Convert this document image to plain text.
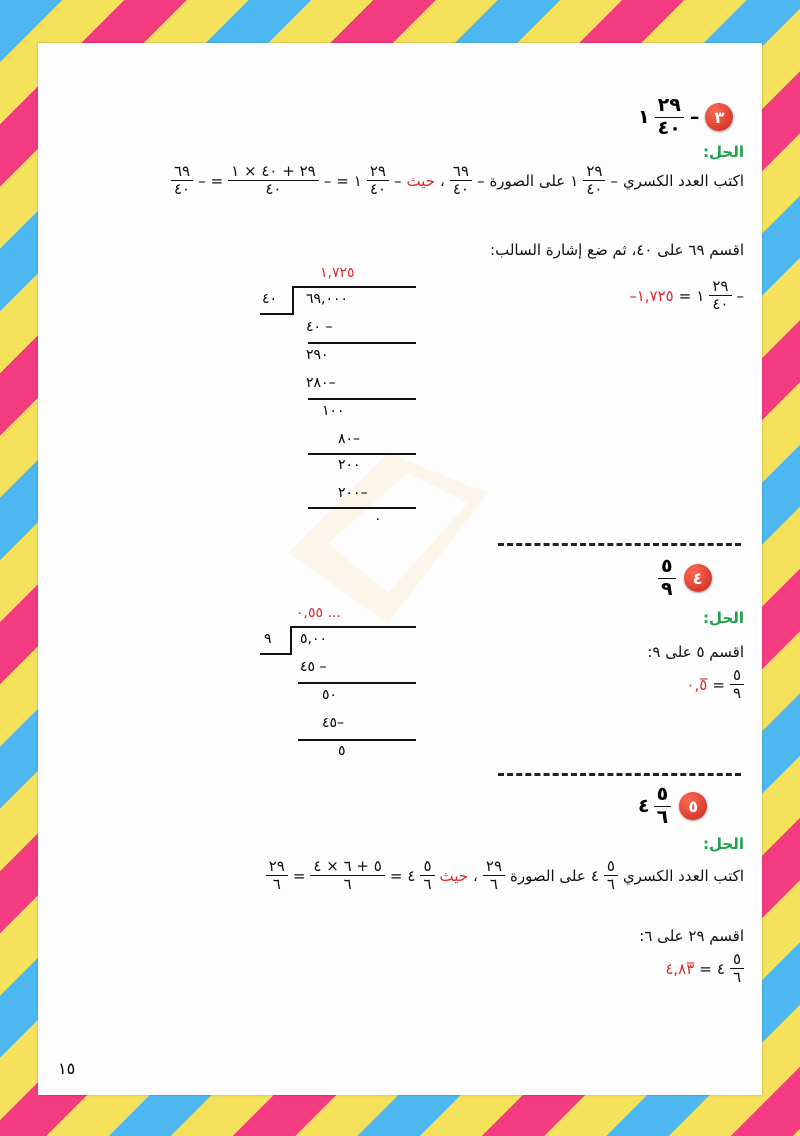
٣
–
$\frac{٢٩}{٤٠}$
١
الحل:
اكتب العدد الكسري
–
$\frac{٢٩}{٤٠}$
١
على الصورة
–
$\frac{٦٩}{٤٠}$
،
حيث
–
$\frac{٢٩}{٤٠}$
١
=
–
$\frac{٢٩ + ٤٠ \times ١}{٤٠}$
=
–
$\frac{٦٩}{٤٠}$
اقسم ٦٩ على ٤٠، ثم ضع إشارة السالب:
–
$\frac{٢٩}{٤٠}$
١
=
١,٧٢٥–
١,٧٢٥
٤٠ ٦٩,٠٠٠
٤٠ –
٢٩٠
٢٨٠–
١٠٠
٨٠–
٢٠٠
٢٠٠–
٠
٤
$\frac{٥}{٩}$
الحل:
اقسم ٥ على ٩:
$\frac{٥}{٩}$
=
٠,٥̅
٠,٥٥ ...
٩ ٥,٠٠
٤٥ –
٥٠
٤٥–
٥
٥
$\frac{٥}{٦}$
٤
الحل:
اكتب العدد الكسري
$\frac{٥}{٦}$
٤
على الصورة
$\frac{٢٩}{٦}$
،
حيث
$\frac{٥}{٦}$
٤
=
$\frac{٥ + ٦ \times ٤}{٦}$
=
$\frac{٢٩}{٦}$
اقسم ٢٩ على ٦:
$\frac{٥}{٦}$
٤
=
٤,٨٣̅
١٥
